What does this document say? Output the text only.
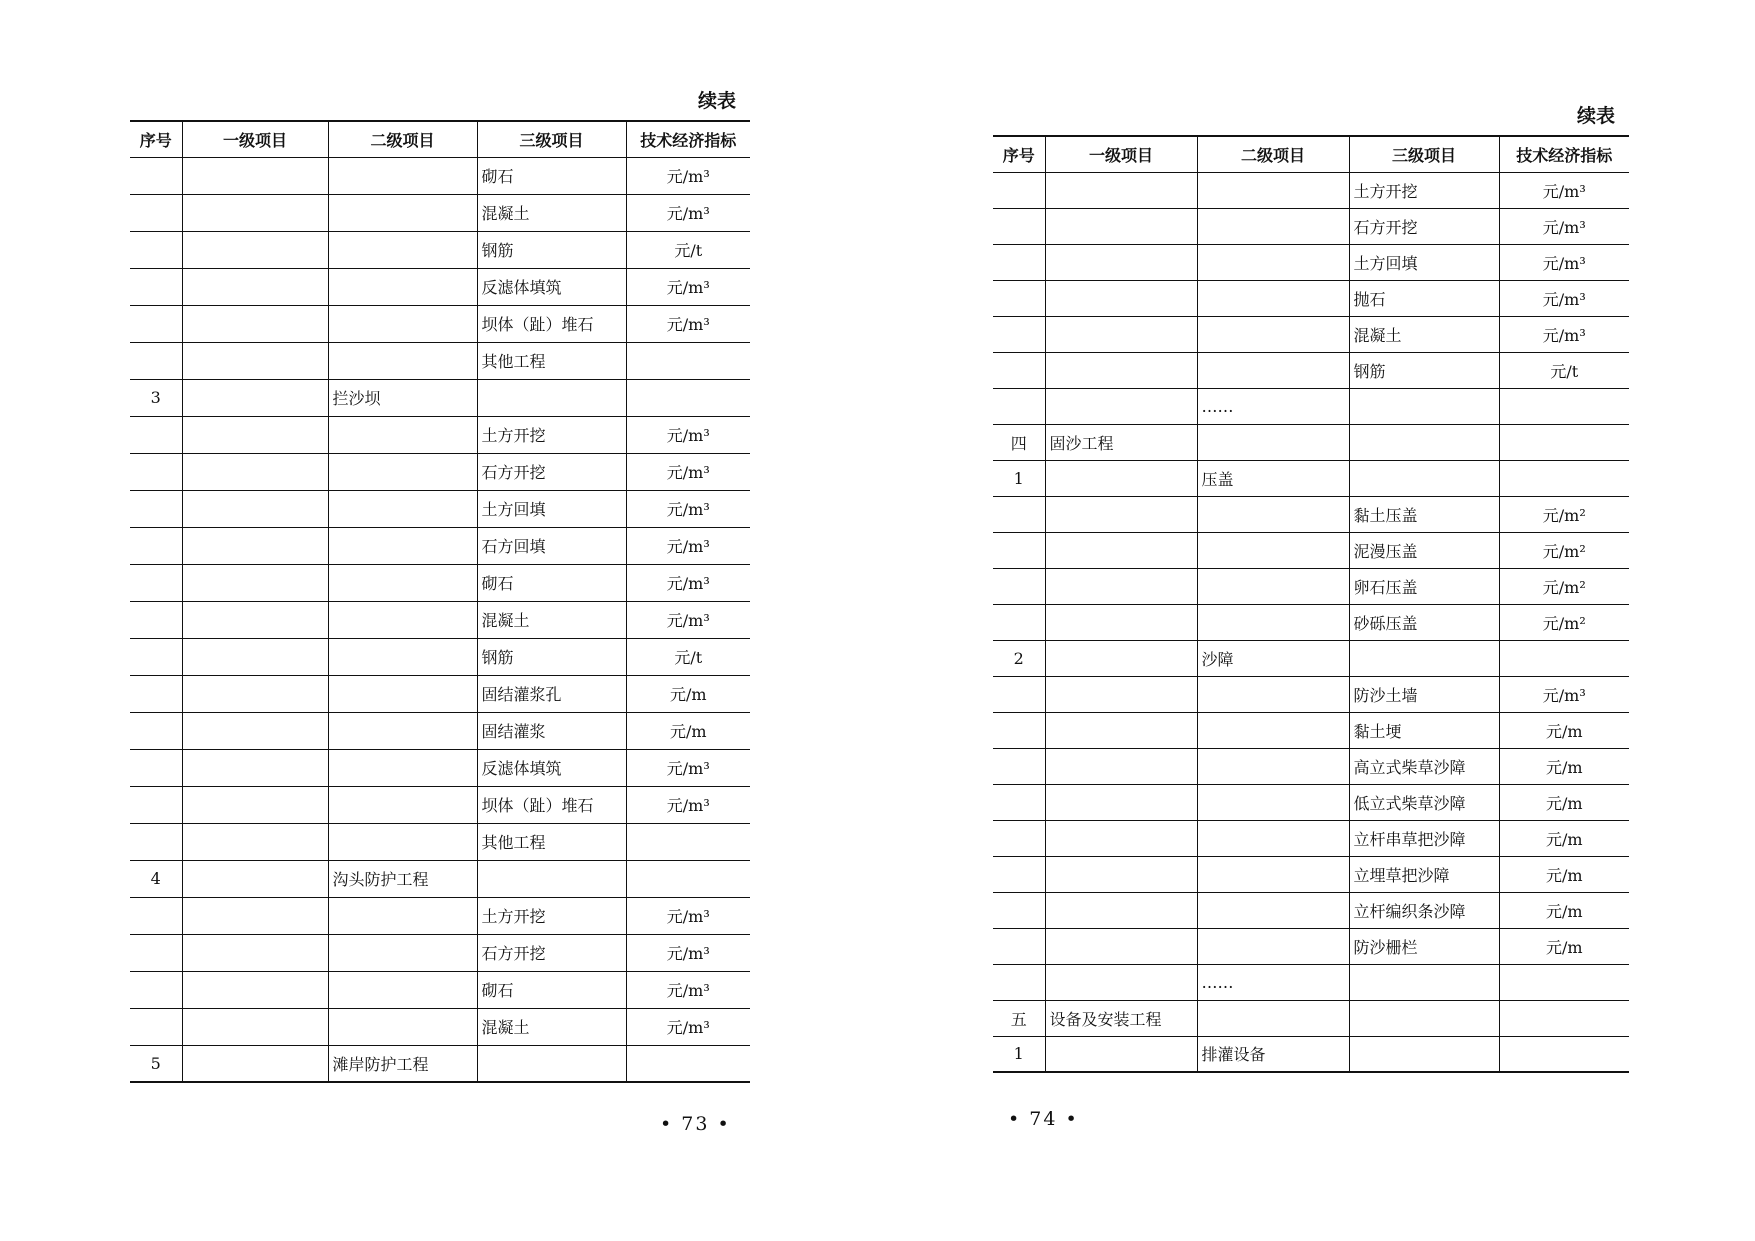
续表
序号	一级项目	二级项目	三级项目	技术经济指标
			砌石	元/m³
			混凝土	元/m³
			钢筋	元/t
			反滤体填筑	元/m³
			坝体（趾）堆石	元/m³
			其他工程	
3		拦沙坝		
			土方开挖	元/m³
			石方开挖	元/m³
			土方回填	元/m³
			石方回填	元/m³
			砌石	元/m³
			混凝土	元/m³
			钢筋	元/t
			固结灌浆孔	元/m
			固结灌浆	元/m
			反滤体填筑	元/m³
			坝体（趾）堆石	元/m³
			其他工程	
4		沟头防护工程		
			土方开挖	元/m³
			石方开挖	元/m³
			砌石	元/m³
			混凝土	元/m³
5		滩岸防护工程		
• 73 •
续表
序号	一级项目	二级项目	三级项目	技术经济指标
			土方开挖	元/m³
			石方开挖	元/m³
			土方回填	元/m³
			抛石	元/m³
			混凝土	元/m³
			钢筋	元/t
		……		
四	固沙工程			
1		压盖		
			黏土压盖	元/m²
			泥漫压盖	元/m²
			卵石压盖	元/m²
			砂砾压盖	元/m²
2		沙障		
			防沙土墙	元/m³
			黏土埂	元/m
			高立式柴草沙障	元/m
			低立式柴草沙障	元/m
			立杆串草把沙障	元/m
			立埋草把沙障	元/m
			立杆编织条沙障	元/m
			防沙栅栏	元/m
		……		
五	设备及安装工程			
1		排灌设备		
• 74 •
